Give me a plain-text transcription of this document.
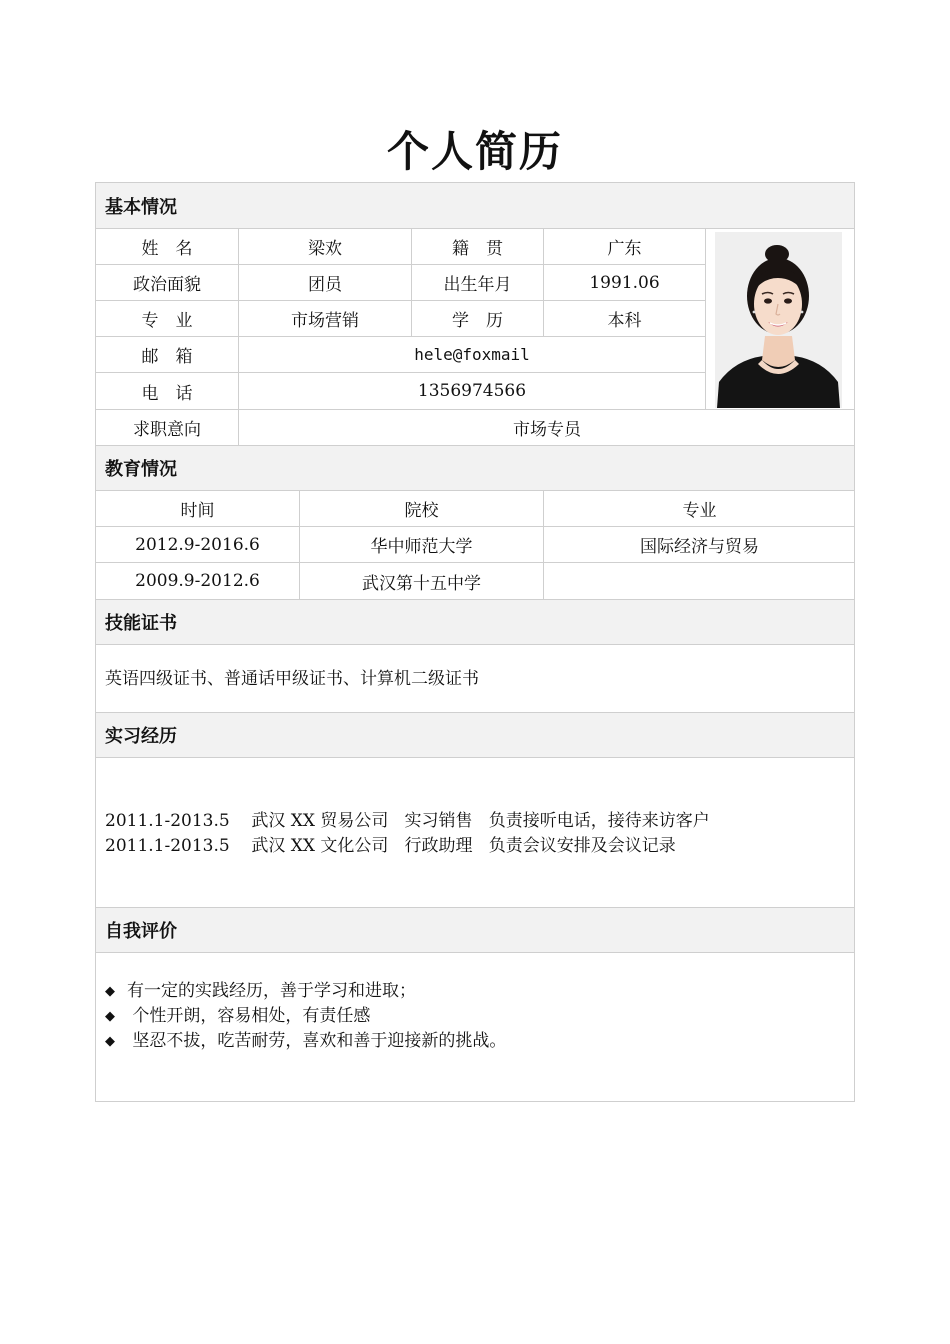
个人简历
基本情况
姓　名	梁欢	籍　贯	广东
政治面貌	团员	出生年月	1991.06
专　业	市场营销	学　历	本科
邮　箱	hele@foxmail
电　话	1356974566
求职意向	市场专员
教育情况
时间	院校	专业
2012.9-2016.6	华中师范大学	国际经济与贸易
2009.9-2012.6	武汉第十五中学
技能证书
英语四级证书、普通话甲级证书、计算机二级证书
实习经历
2011.1-2013.5    武汉 XX 贸易公司   实习销售   负责接听电话，接待来访客户
2011.1-2013.5    武汉 XX 文化公司   行政助理   负责会议安排及会议记录
自我评价
◆ 有一定的实践经历，善于学习和进取；
◆ 个性开朗，容易相处，有责任感
◆ 坚忍不拔，吃苦耐劳，喜欢和善于迎接新的挑战。
